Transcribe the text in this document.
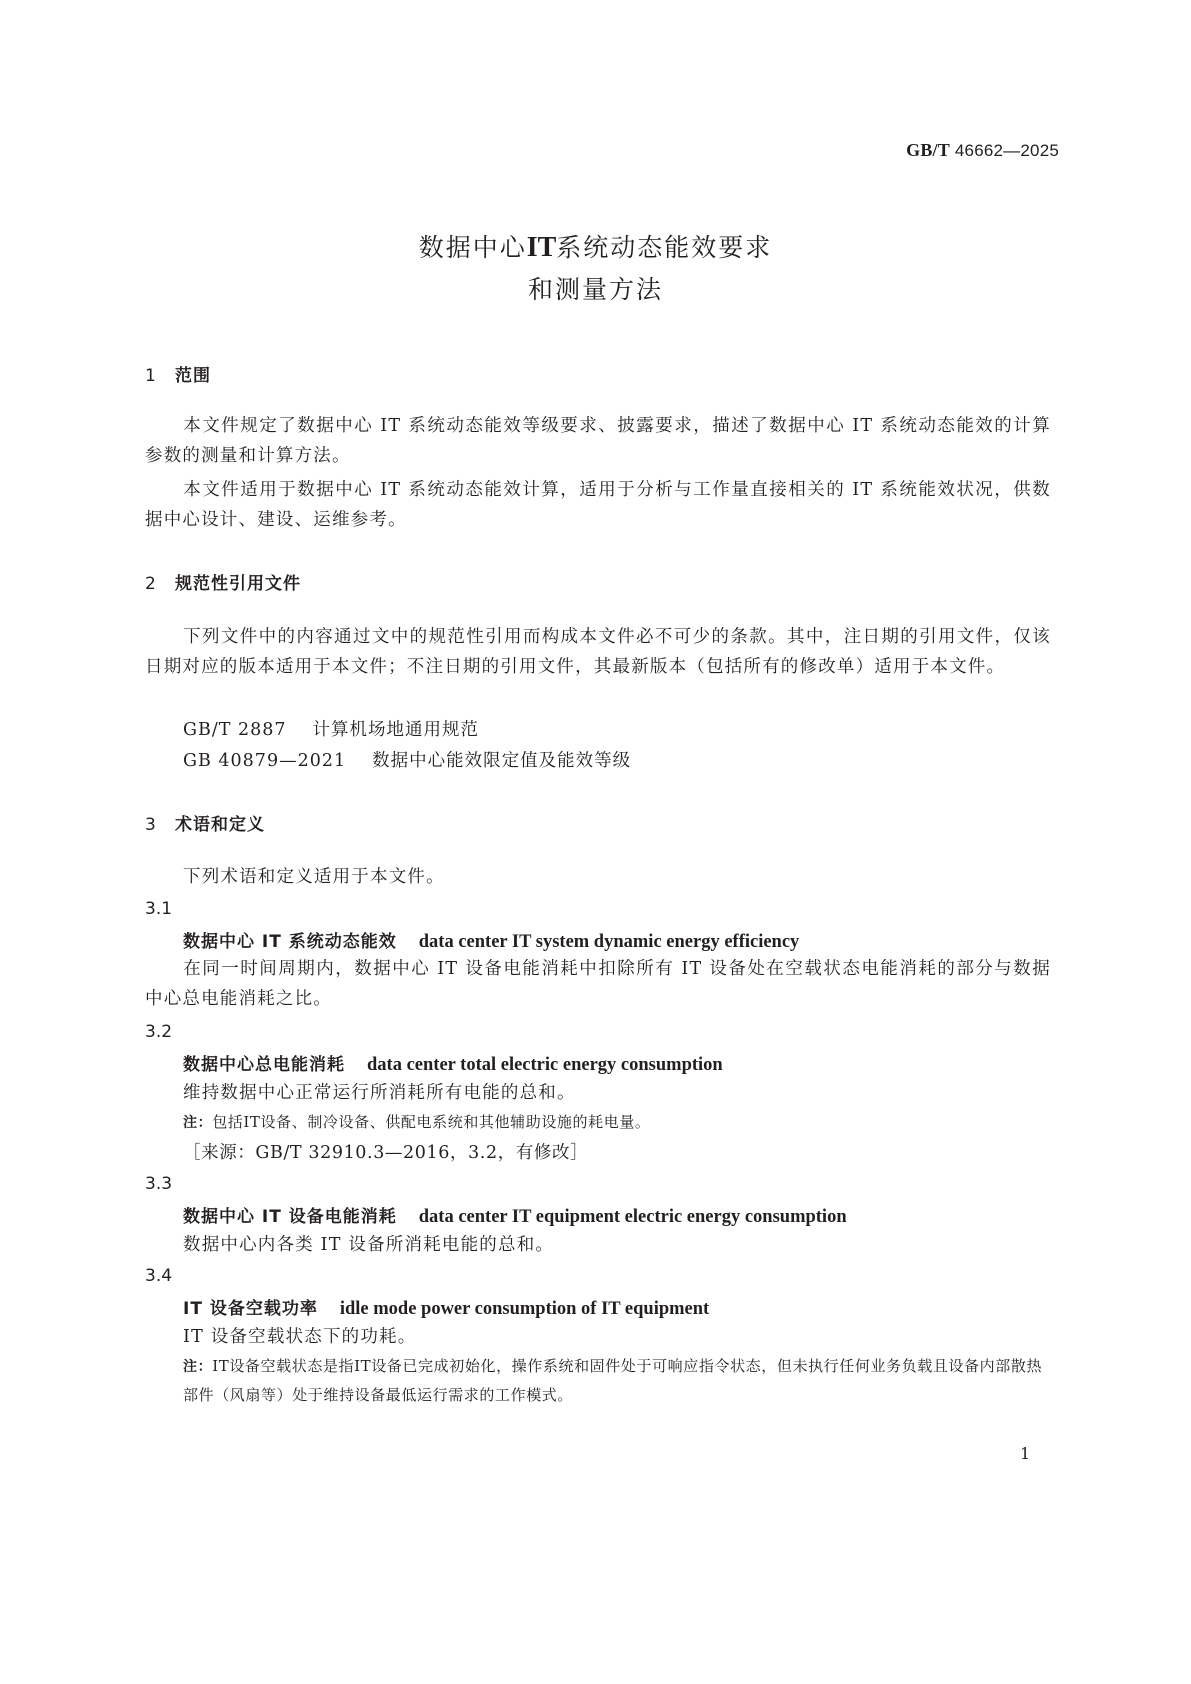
GB/T 46662—2025
数据中心IT系统动态能效要求
和测量方法
1 范围
本文件规定了数据中心 IT 系统动态能效等级要求、披露要求，描述了数据中心 IT 系统动态能效的计算参数的测量和计算方法。
本文件适用于数据中心 IT 系统动态能效计算，适用于分析与工作量直接相关的 IT 系统能效状况，供数据中心设计、建设、运维参考。
2 规范性引用文件
下列文件中的内容通过文中的规范性引用而构成本文件必不可少的条款。其中，注日期的引用文件，仅该日期对应的版本适用于本文件；不注日期的引用文件，其最新版本（包括所有的修改单）适用于本文件。
GB/T 2887 计算机场地通用规范
GB 40879—2021 数据中心能效限定值及能效等级
3 术语和定义
下列术语和定义适用于本文件。
3.1
数据中心 IT 系统动态能效 data center IT system dynamic energy efficiency
在同一时间周期内，数据中心 IT 设备电能消耗中扣除所有 IT 设备处在空载状态电能消耗的部分与数据中心总电能消耗之比。
3.2
数据中心总电能消耗 data center total electric energy consumption
维持数据中心正常运行所消耗所有电能的总和。
注：包括IT设备、制冷设备、供配电系统和其他辅助设施的耗电量。
［来源：GB/T 32910.3—2016，3.2，有修改］
3.3
数据中心 IT 设备电能消耗 data center IT equipment electric energy consumption
数据中心内各类 IT 设备所消耗电能的总和。
3.4
IT 设备空载功率 idle mode power consumption of IT equipment
IT 设备空载状态下的功耗。
注：IT设备空载状态是指IT设备已完成初始化，操作系统和固件处于可响应指令状态，但未执行任何业务负载且设备内部散热部件（风扇等）处于维持设备最低运行需求的工作模式。
1
